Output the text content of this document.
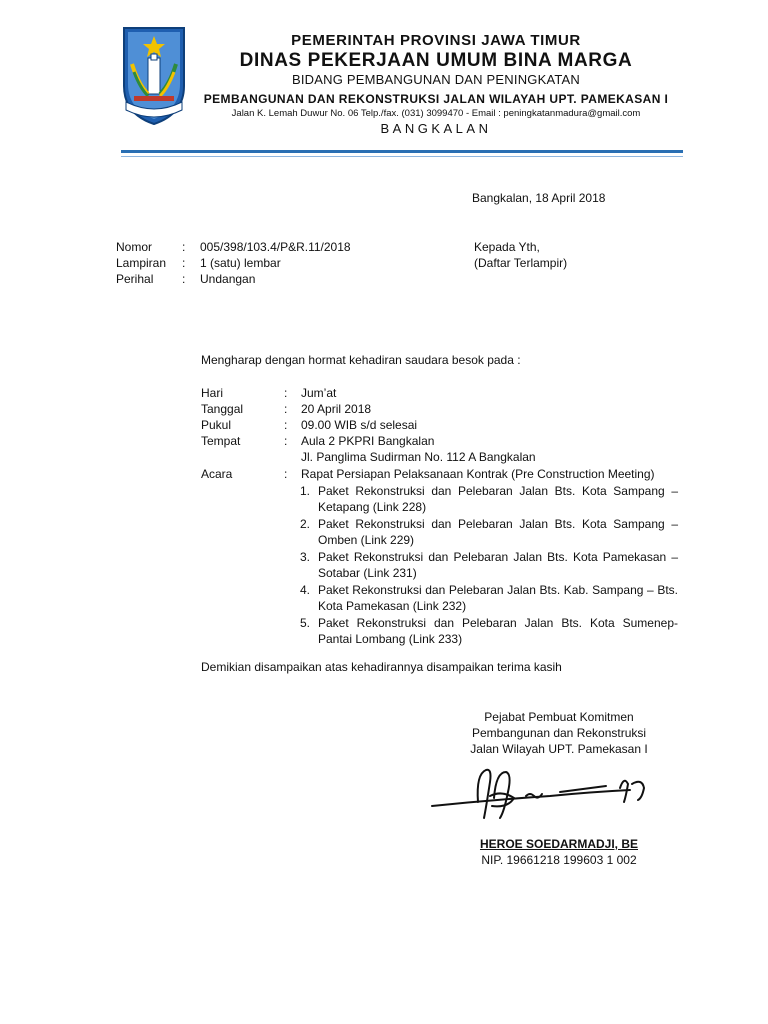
PEMERINTAH PROVINSI JAWA TIMUR
DINAS PEKERJAAN UMUM BINA MARGA
BIDANG PEMBANGUNAN DAN PENINGKATAN
PEMBANGUNAN DAN REKONSTRUKSI JALAN WILAYAH UPT. PAMEKASAN I
Jalan K. Lemah Duwur No. 06 Telp./fax. (031) 3099470 - Email : peningkatanmadura@gmail.com
BANGKALAN
Bangkalan, 18 April 2018
Nomor : 005/398/103.4/P&R.11/2018
Lampiran : 1 (satu) lembar
Perihal : Undangan
Kepada Yth,
(Daftar Terlampir)
Mengharap dengan hormat kehadiran saudara besok pada :
Hari	: Jum’at
Tanggal	: 20 April 2018
Pukul	: 09.00 WIB s/d selesai
Tempat	: Aula 2 PKPRI Bangkalan
Jl. Panglima Sudirman No. 112 A Bangkalan
Acara	: Rapat Persiapan Pelaksanaan Kontrak (Pre Construction Meeting)
1. Paket Rekonstruksi dan Pelebaran Jalan Bts. Kota Sampang – Ketapang (Link 228)
2. Paket Rekonstruksi dan Pelebaran Jalan Bts. Kota Sampang – Omben (Link 229)
3. Paket Rekonstruksi dan Pelebaran Jalan Bts. Kota Pamekasan – Sotabar (Link 231)
4. Paket Rekonstruksi dan Pelebaran Jalan Bts. Kab. Sampang – Bts. Kota Pamekasan (Link 232)
5. Paket Rekonstruksi dan Pelebaran Jalan Bts. Kota Sumenep-Pantai Lombang (Link 233)
Demikian disampaikan atas kehadirannya disampaikan terima kasih
Pejabat Pembuat Komitmen
Pembangunan dan Rekonstruksi
Jalan Wilayah UPT. Pamekasan I
HEROE SOEDARMADJI, BE
NIP. 19661218 199603 1 002
